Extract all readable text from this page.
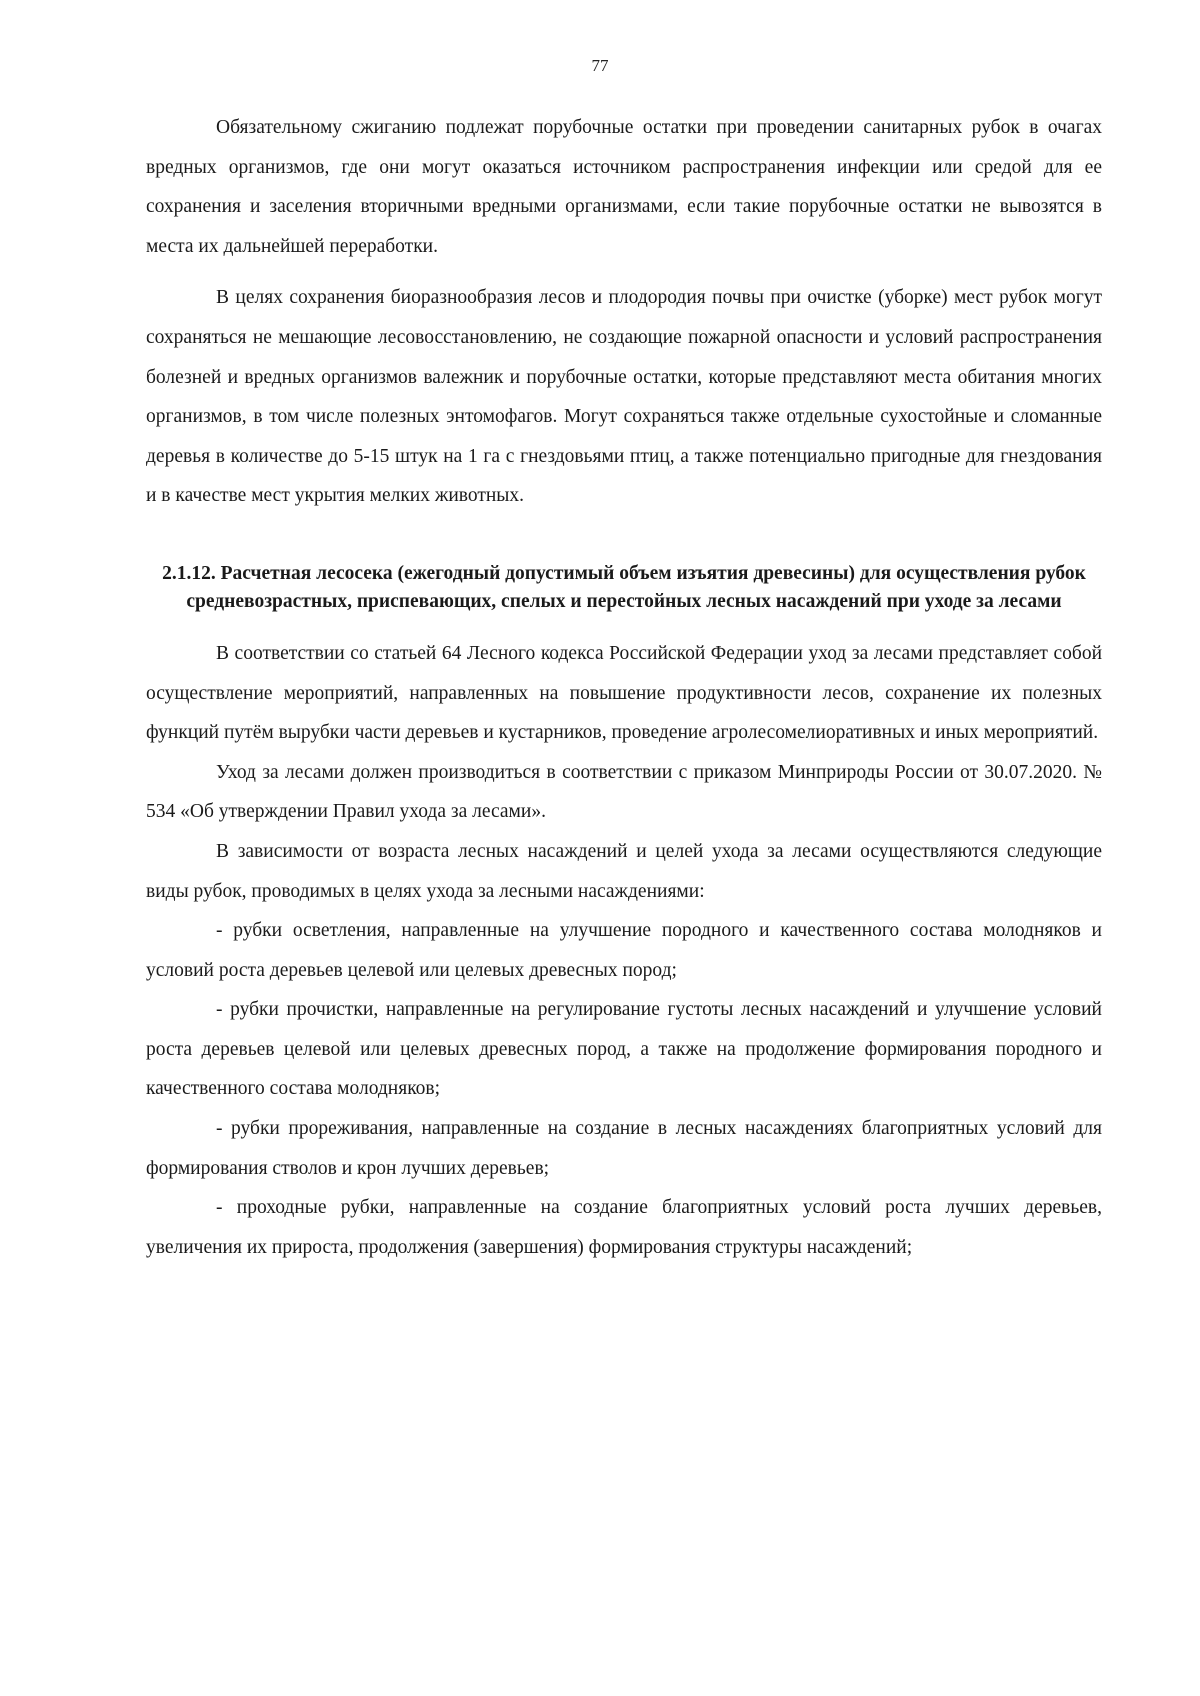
77

Обязательному сжиганию подлежат порубочные остатки при проведении санитарных рубок в очагах вредных организмов, где они могут оказаться источником распространения инфекции или средой для ее сохранения и заселения вторичными вредными организмами, если такие порубочные остатки не вывозятся в места их дальнейшей переработки.

В целях сохранения биоразнообразия лесов и плодородия почвы при очистке (уборке) мест рубок могут сохраняться не мешающие лесовосстановлению, не создающие пожарной опасности и условий распространения болезней и вредных организмов валежник и порубочные остатки, которые представляют места обитания многих организмов, в том числе полезных энтомофагов. Могут сохраняться также отдельные сухостойные и сломанные деревья в количестве до 5-15 штук на 1 га с гнездовьями птиц, а также потенциально пригодные для гнездования и в качестве мест укрытия мелких животных.

2.1.12. Расчетная лесосека (ежегодный допустимый объем изъятия древесины) для осуществления рубок средневозрастных, приспевающих, спелых и перестойных лесных насаждений при уходе за лесами

В соответствии со статьей 64 Лесного кодекса Российской Федерации уход за лесами представляет собой осуществление мероприятий, направленных на повышение продуктивности лесов, сохранение их полезных функций путём вырубки части деревьев и кустарников, проведение агролесомелиоративных и иных мероприятий.

Уход за лесами должен производиться в соответствии с приказом Минприроды России от 30.07.2020. № 534 «Об утверждении Правил ухода за лесами».

В зависимости от возраста лесных насаждений и целей ухода за лесами осуществляются следующие виды рубок, проводимых в целях ухода за лесными насаждениями:

- рубки осветления, направленные на улучшение породного и качественного состава молодняков и условий роста деревьев целевой или целевых древесных пород;

- рубки прочистки, направленные на регулирование густоты лесных насаждений и улучшение условий роста деревьев целевой или целевых древесных пород, а также на продолжение формирования породного и качественного состава молодняков;

- рубки прореживания, направленные на создание в лесных насаждениях благоприятных условий для формирования стволов и крон лучших деревьев;

- проходные рубки, направленные на создание благоприятных условий роста лучших деревьев, увеличения их прироста, продолжения (завершения) формирования структуры насаждений;
